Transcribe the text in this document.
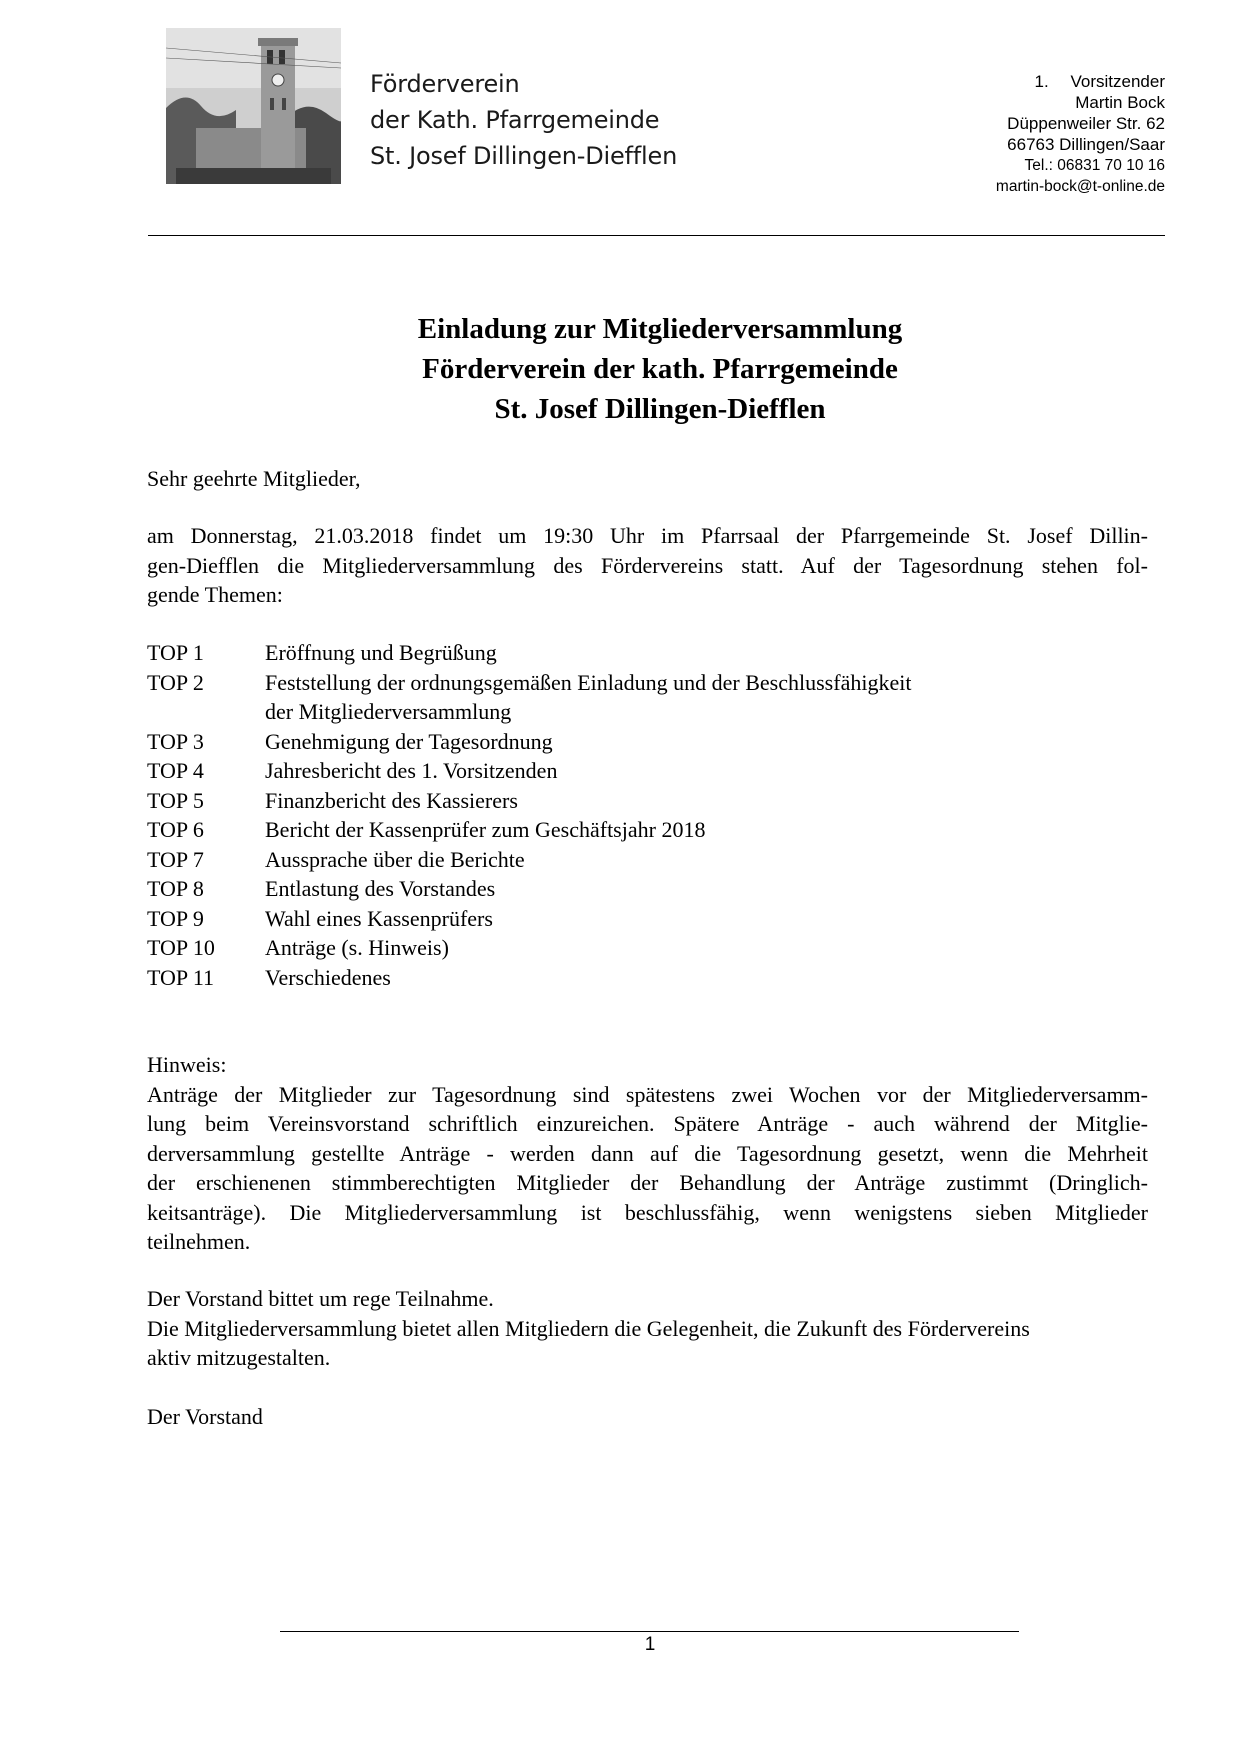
Förderverein
der Kath. Pfarrgemeinde
St. Josef Dillingen-Diefflen
1. Vorsitzender
Martin Bock
Düppenweiler Str. 62
66763 Dillingen/Saar
Tel.: 06831 70 10 16
martin-bock@t-online.de
Einladung zur Mitgliederversammlung
Förderverein der kath. Pfarrgemeinde
St. Josef Dillingen-Diefflen
Sehr geehrte Mitglieder,
am Donnerstag, 21.03.2018 findet um 19:30 Uhr im Pfarrsaal der Pfarrgemeinde St. Josef Dillin-
gen-Diefflen die Mitgliederversammlung des Fördervereins statt. Auf der Tagesordnung stehen fol-
gende Themen:
TOP 1	Eröffnung und Begrüßung
TOP 2	Feststellung der ordnungsgemäßen Einladung und der Beschlussfähigkeit
der Mitgliederversammlung
TOP 3	Genehmigung der Tagesordnung
TOP 4	Jahresbericht des 1. Vorsitzenden
TOP 5	Finanzbericht des Kassierers
TOP 6	Bericht der Kassenprüfer zum Geschäftsjahr 2018
TOP 7	Aussprache über die Berichte
TOP 8	Entlastung des Vorstandes
TOP 9	Wahl eines Kassenprüfers
TOP 10	Anträge (s. Hinweis)
TOP 11	Verschiedenes
Hinweis:
Anträge der Mitglieder zur Tagesordnung sind spätestens zwei Wochen vor der Mitgliederversamm-
lung beim Vereinsvorstand schriftlich einzureichen. Spätere Anträge - auch während der Mitglie-
derversammlung gestellte Anträge - werden dann auf die Tagesordnung gesetzt, wenn die Mehrheit
der erschienenen stimmberechtigten Mitglieder der Behandlung der Anträge zustimmt (Dringlich-
keitsanträge). Die Mitgliederversammlung ist beschlussfähig, wenn wenigstens sieben Mitglieder
teilnehmen.
Der Vorstand bittet um rege Teilnahme.
Die Mitgliederversammlung bietet allen Mitgliedern die Gelegenheit, die Zukunft des Fördervereins
aktiv mitzugestalten.
Der Vorstand
1
